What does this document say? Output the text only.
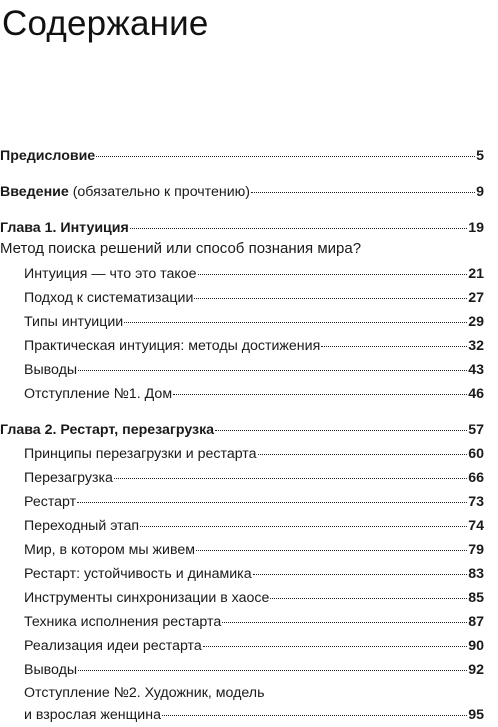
Содержание
Предисловие	5
Введение (обязательно к прочтению)	9
Глава 1. Интуиция	19
Метод поиска решений или способ познания мира?
Интуиция — что это такое	21
Подход к систематизации	27
Типы интуиции	29
Практическая интуиция: методы достижения	32
Выводы	43
Отступление №1. Дом	46
Глава 2. Рестарт, перезагрузка	57
Принципы перезагрузки и рестарта	60
Перезагрузка	66
Рестарт	73
Переходный этап	74
Мир, в котором мы живем	79
Рестарт: устойчивость и динамика	83
Инструменты синхронизации в хаосе	85
Техника исполнения рестарта	87
Реализация идеи рестарта	90
Выводы	92
Отступление №2. Художник, модель
и взрослая женщина	95
